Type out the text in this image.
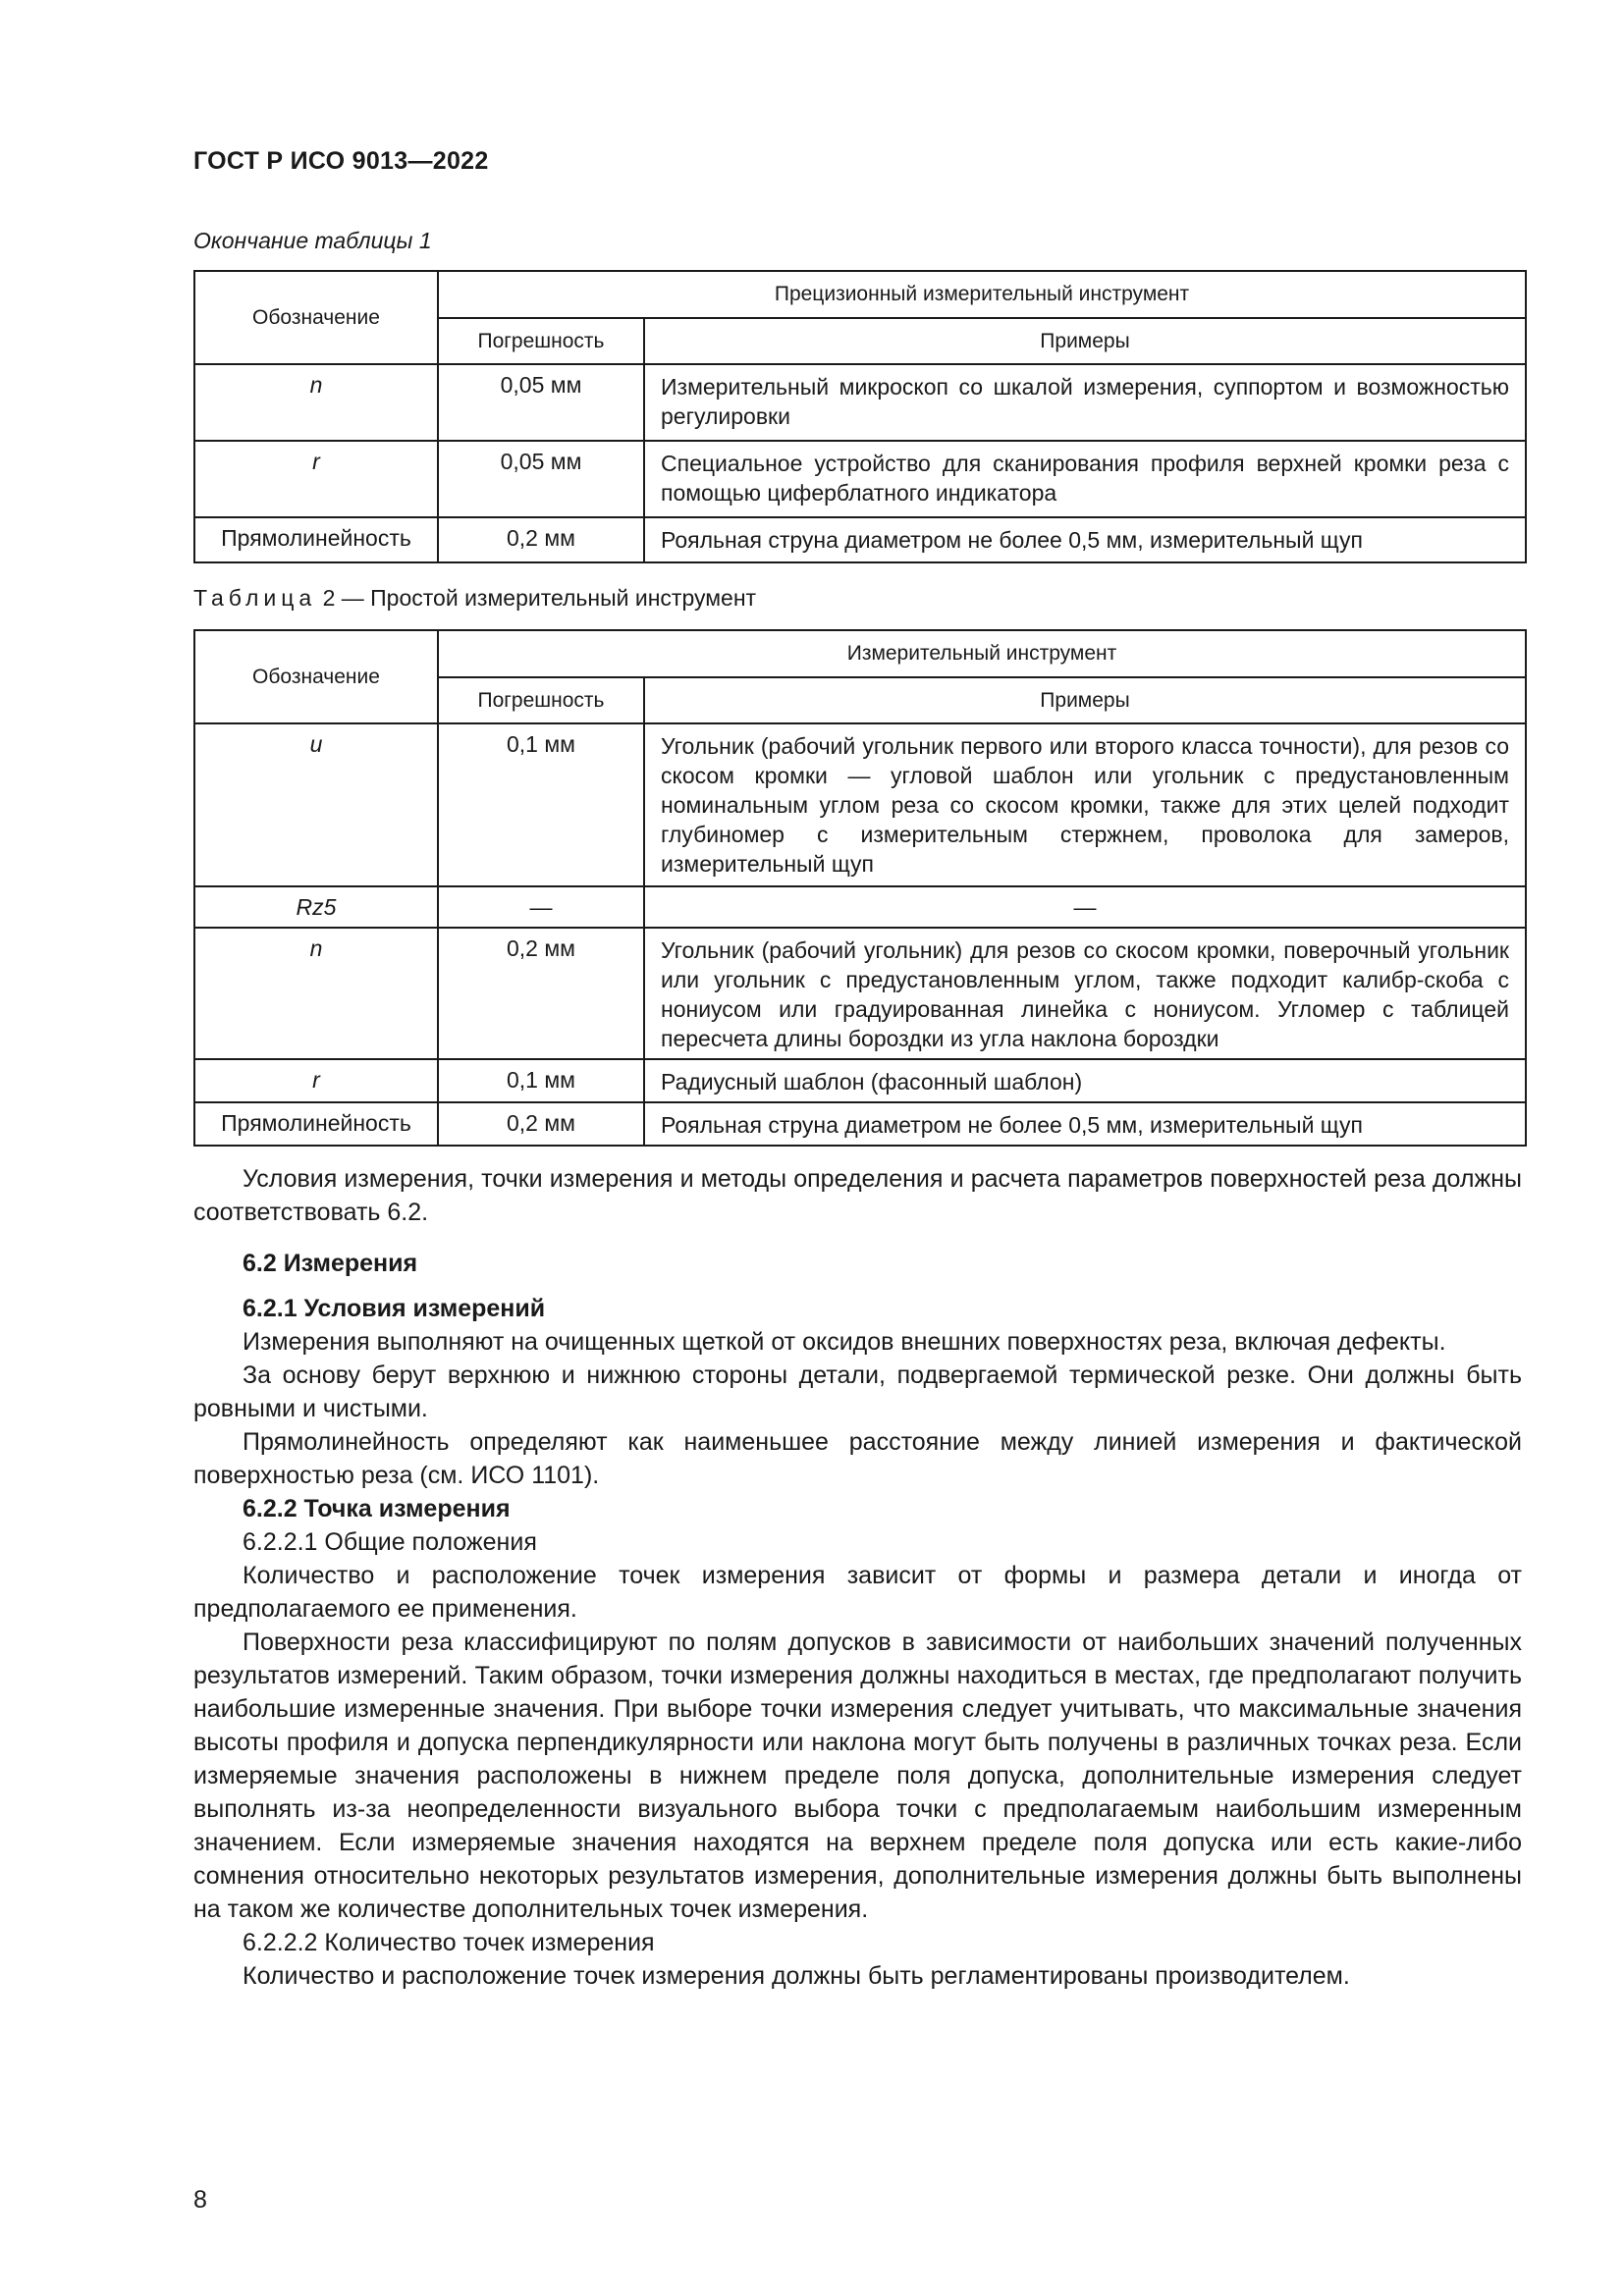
ГОСТ Р ИСО 9013—2022
Окончание таблицы 1
Обозначение	Прецизионный измерительный инструмент	
	Погрешность	Примеры
n	0,05 мм	Измерительный микроскоп со шкалой измерения, суппортом и возможностью регулировки
r	0,05 мм	Специальное устройство для сканирования профиля верхней кромки реза с помощью циферблатного индикатора
Прямолинейность	0,2 мм	Рояльная струна диаметром не более 0,5 мм, измерительный щуп
Таблица 2 — Простой измерительный инструмент
Обозначение	Измерительный инструмент	
	Погрешность	Примеры
u	0,1 мм	Угольник (рабочий угольник первого или второго класса точности), для резов со скосом кромки — угловой шаблон или угольник с предустановленным номинальным углом реза со скосом кромки, также для этих целей подходит глубиномер с измерительным стержнем, проволока для замеров, измерительный щуп
Rz5	—	—
n	0,2 мм	Угольник (рабочий угольник) для резов со скосом кромки, поверочный угольник или угольник с предустановленным углом, также подходит калибр-скоба с нониусом или градуированная линейка с нониусом. Угломер с таблицей пересчета длины бороздки из угла наклона бороздки
r	0,1 мм	Радиусный шаблон (фасонный шаблон)
Прямолинейность	0,2 мм	Рояльная струна диаметром не более 0,5 мм, измерительный щуп

Условия измерения, точки измерения и методы определения и расчета параметров поверхностей реза должны соответствовать 6.2.

6.2 Измерения

6.2.1 Условия измерений

Измерения выполняют на очищенных щеткой от оксидов внешних поверхностях реза, включая дефекты.

За основу берут верхнюю и нижнюю стороны детали, подвергаемой термической резке. Они должны быть ровными и чистыми.

Прямолинейность определяют как наименьшее расстояние между линией измерения и фактической поверхностью реза (см. ИСО 1101).

6.2.2 Точка измерения

6.2.2.1 Общие положения

Количество и расположение точек измерения зависит от формы и размера детали и иногда от предполагаемого ее применения.

Поверхности реза классифицируют по полям допусков в зависимости от наибольших значений полученных результатов измерений. Таким образом, точки измерения должны находиться в местах, где предполагают получить наибольшие измеренные значения. При выборе точки измерения следует учитывать, что максимальные значения высоты профиля и допуска перпендикулярности или наклона могут быть получены в различных точках реза. Если измеряемые значения расположены в нижнем пределе поля допуска, дополнительные измерения следует выполнять из-за неопределенности визуального выбора точки с предполагаемым наибольшим измеренным значением. Если измеряемые значения находятся на верхнем пределе поля допуска или есть какие-либо сомнения относительно некоторых результатов измерения, дополнительные измерения должны быть выполнены на таком же количестве дополнительных точек измерения.

6.2.2.2 Количество точек измерения

Количество и расположение точек измерения должны быть регламентированы производителем.

8
